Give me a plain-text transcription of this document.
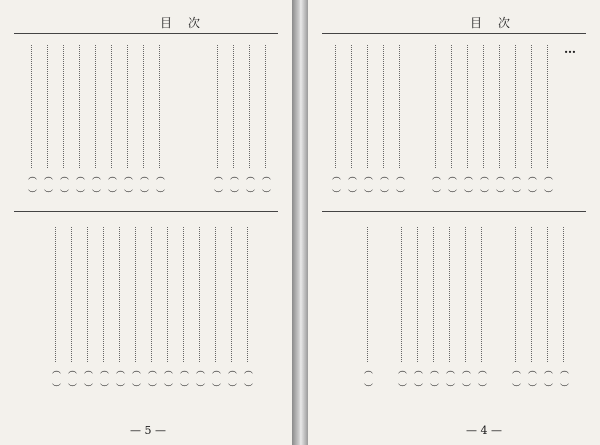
目　次	目　次
— 5 —	— 4 —
…
（　）
（　）
（　）
（　）
（　）
（　）
（　）
（　）
（　）
（　）
（　）
（　）
（　）
（　）
（　）
（　）
（　）
（　）
（　）
（　）
（　）
（　）
（　）
（　）
（　）
（　）
（　）
（　）
（　）
（　）
（　）
（　）
（　）
（　）
（　）
（　）
（　）
（　）
（　）
（　）
（　）
（　）
（　）
（　）
（　）
（　）
（　）
（　）
（　）
（　）
